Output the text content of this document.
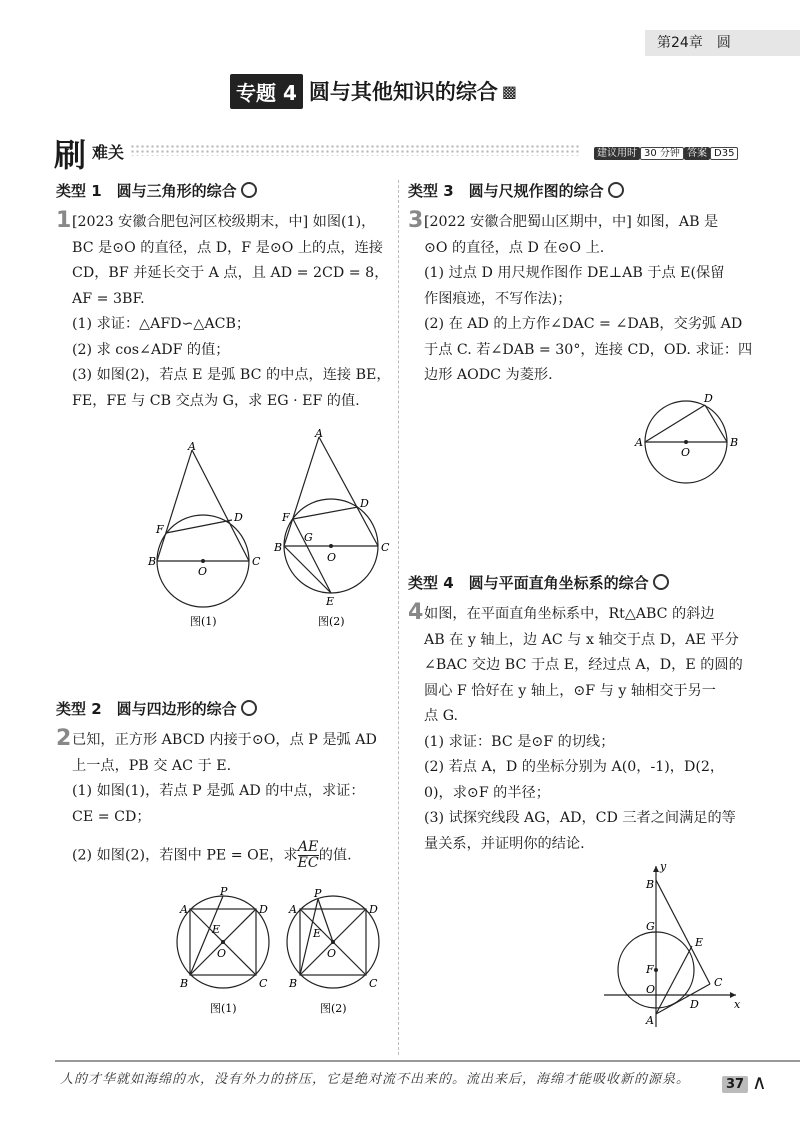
第24章　圆
专题 4 圆与其他知识的综合 ▩
刷 难关	建议用时 30 分钟 答案 D35
类型 1　圆与三角形的综合
1 [2023 安徽合肥包河区校级期末，中] 如图(1)，
BC 是⊙O 的直径，点 D，F 是⊙O 上的点，连接
CD，BF 并延长交于 A 点，且 AD = 2CD = 8，
AF = 3BF.
(1) 求证：△AFD∽△ACB；
(2) 求 cos∠ADF 的值；
(3) 如图(2)，若点 E 是弧 BC 的中点，连接 BE，
FE，FE 与 CB 交点为 G，求 EG · EF 的值.
A
B	C
D
F
O
图(1)
A
B	C
D
E
F
G
O
图(2)
类型 2　圆与四边形的综合
2 已知，正方形 ABCD 内接于⊙O，点 P 是弧 AD
上一点，PB 交 AC 于 E.
(1) 如图(1)，若点 P 是弧 AD 的中点，求证：
CE = CD；
(2) 如图(2)，若图中 PE = OE，求 $\frac{AE}{EC}$ 的值.
P
A	D
B	C
E
O
图(1)
P
A	D
B	C
E
O
图(2)
类型 3　圆与尺规作图的综合
3 [2022 安徽合肥蜀山区期中，中] 如图，AB 是
⊙O 的直径，点 D 在⊙O 上.
(1) 过点 D 用尺规作图作 DE⊥AB 于点 E(保留
作图痕迹，不写作法)；
(2) 在 AD 的上方作∠DAC = ∠DAB，交劣弧 AD
于点 C. 若∠DAB = 30°，连接 CD，OD. 求证：四
边形 AODC 为菱形.
A	B
D
O
类型 4　圆与平面直角坐标系的综合
4 如图，在平面直角坐标系中，Rt△ABC 的斜边
AB 在 y 轴上，边 AC 与 x 轴交于点 D，AE 平分
∠BAC 交边 BC 于点 E，经过点 A，D，E 的圆的
圆心 F 恰好在 y 轴上，⊙F 与 y 轴相交于另一
点 G.
(1) 求证：BC 是⊙F 的切线；
(2) 若点 A，D 的坐标分别为 A(0，-1)，D(2，
0)，求⊙F 的半径；
(3) 试探究线段 AG，AD，CD 三者之间满足的等
量关系，并证明你的结论.
y
x
B
G
F
O
A
E
C
D
人的才华就如海绵的水，没有外力的挤压，它是绝对流不出来的。流出来后，海绵才能吸收新的源泉。	37 ∧
